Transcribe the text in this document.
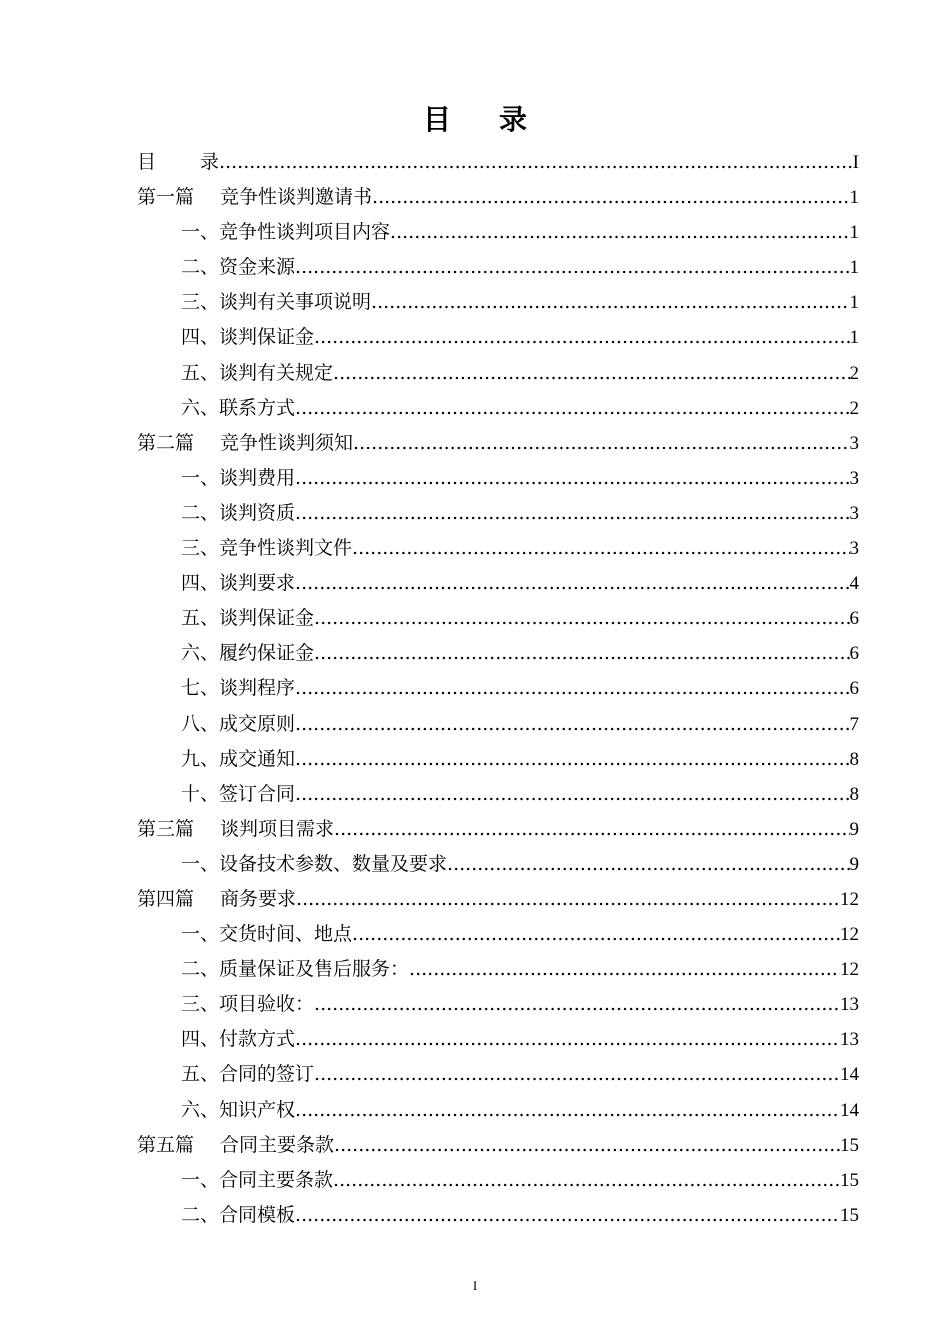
目 录
目 录 .....	I
第一篇 竞争性谈判邀请书 .....	1
一、竞争性谈判项目内容 .....	1
二、资金来源 .....	1
三、谈判有关事项说明 .....	1
四、谈判保证金 .....	1
五、谈判有关规定 .....	2
六、联系方式 .....	2
第二篇 竞争性谈判须知 .....	3
一、谈判费用 .....	3
二、谈判资质 .....	3
三、竞争性谈判文件 .....	3
四、谈判要求 .....	4
五、谈判保证金 .....	6
六、履约保证金 .....	6
七、谈判程序 .....	6
八、成交原则 .....	7
九、成交通知 .....	8
十、签订合同 .....	8
第三篇 谈判项目需求 .....	9
一、设备技术参数、数量及要求 .....	9
第四篇 商务要求 .....	12
一、交货时间、地点 .....	12
二、质量保证及售后服务： .....	12
三、项目验收： .....	13
四、付款方式 .....	13
五、合同的签订 .....	14
六、知识产权 .....	14
第五篇 合同主要条款 .....	15
一、合同主要条款 .....	15
二、合同模板 .....	15
I
